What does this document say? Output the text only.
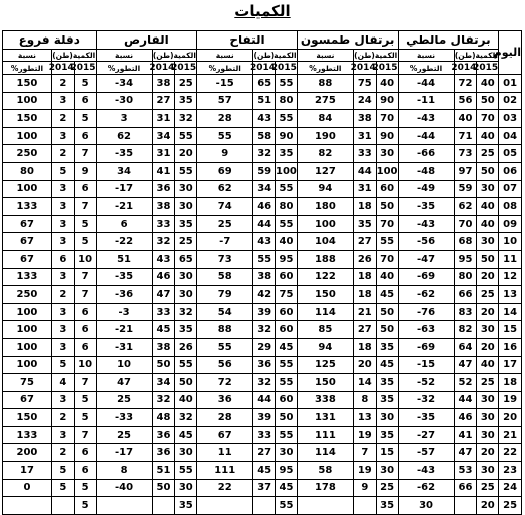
الكميات
اليوم	برتقال مالطي			برتقال طمسون			التفاح			القارص			دقلة فروع		
	الكمية(طن)		نسبة	الكمية(طن)		نسبة	الكمية(طن)		نسبة	الكمية(طن)		نسبة	الكمية(طن)		نسبة
	2015	2014	التطور%	2015	2014	التطور%	2015	2014	التطور%	2015	2014	التطور%	2015	2014	التطور%
01	40	72	44-	40	75	88	55	65	15-	25	38	34-	5	2	150
02	50	56	11-	90	24	275	80	51	57	35	27	30-	6	3	100
03	70	40	43-	70	38	84	55	43	28	32	31	3	5	2	150
04	40	71	44-	90	31	190	90	58	55	55	34	62	6	3	100
05	25	73	66-	30	33	82	35	32	9	20	31	35-	7	2	250
06	50	97	48-	100	44	127	100	59	69	55	41	34	9	5	80
07	30	59	49-	60	31	94	55	34	62	30	36	17-	6	3	100
08	40	62	35-	50	18	180	80	46	74	30	38	21-	7	3	133
09	40	70	43-	70	35	100	55	44	25	35	33	6	5	3	67
10	30	68	56-	55	27	104	40	43	7-	25	32	22-	5	3	67
11	50	95	47-	70	26	188	95	55	73	65	43	51	10	6	67
12	20	80	69-	40	18	122	60	38	58	30	46	35-	7	3	133
13	25	66	62-	45	18	150	75	42	79	30	47	36-	7	2	250
14	20	83	76-	50	21	114	60	39	54	32	33	3-	6	3	100
15	30	82	63-	50	27	85	60	32	88	35	45	21-	6	3	100
16	20	64	69-	35	18	94	45	29	55	26	38	31-	6	3	100
17	40	47	15-	45	20	125	55	36	56	55	50	10	10	5	100
18	25	52	52-	35	14	150	55	32	72	50	34	47	7	4	75
19	30	44	32-	35	8	338	60	44	36	40	32	25	5	3	67
20	30	46	35-	30	13	131	50	39	28	32	48	33-	5	2	150
21	30	41	27-	35	19	111	55	33	67	45	36	25	7	3	133
22	20	47	57-	15	7	114	30	27	11	30	36	17-	6	2	200
23	30	53	43-	30	19	58	95	45	111	55	51	8	6	5	17
24	25	66	62-	25	9	178	45	37	22	30	50	40-	5	5	0
25	20		30	35			55			35			5		
